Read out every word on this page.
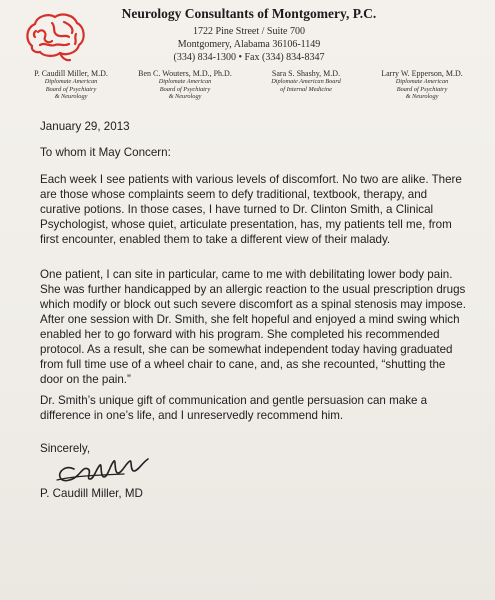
Neurology Consultants of Montgomery, P.C.
1722 Pine Street / Suite 700
Montgomery, Alabama 36106-1149
(334) 834-1300 • Fax (334) 834-8347
P. Caudill Miller, M.D.
Diplomate American
Board of Psychiatry
& Neurology
Ben C. Wouters, M.D., Ph.D.
Diplomate American
Board of Psychiatry
& Neurology
Sara S. Shashy, M.D.
Diplomate American Board
of Internal Medicine
Larry W. Epperson, M.D.
Diplomate American
Board of Psychiatry
& Neurology

January 29, 2013

To whom it May Concern:

Each week I see patients with various levels of discomfort. No two are alike. There are those whose complaints seem to defy traditional, textbook, therapy, and curative potions. In those cases, I have turned to Dr. Clinton Smith, a Clinical Psychologist, whose quiet, articulate presentation, has, my patients tell me, from first encounter, enabled them to take a different view of their malady.

One patient, I can site in particular, came to me with debilitating lower body pain. She was further handicapped by an allergic reaction to the usual prescription drugs which modify or block out such severe discomfort as a spinal stenosis may impose. After one session with Dr. Smith, she felt hopeful and enjoyed a mind swing which enabled her to go forward with his program. She completed his recommended protocol. As a result, she can be somewhat independent today having graduated from full time use of a wheel chair to cane, and, as she recounted, “shutting the door on the pain.”

Dr. Smith’s unique gift of communication and gentle persuasion can make a difference in one’s life, and I unreservedly recommend him.

Sincerely,

P. Caudill Miller, MD
